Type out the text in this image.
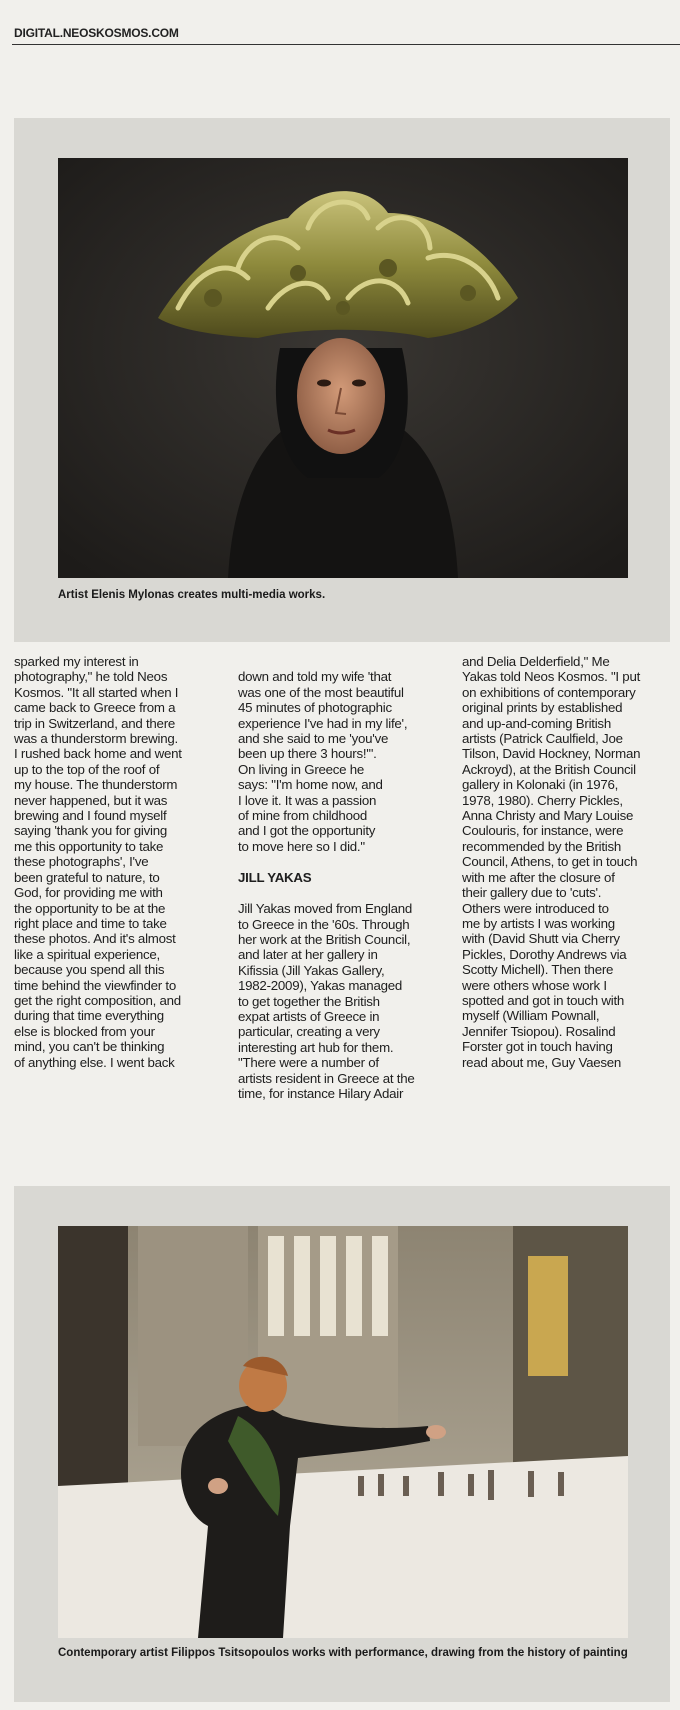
DIGITAL.NEOSKOSMOS.COM
Artist Elenis Mylonas creates multi-media works.
sparked my interest in
photography," he told Neos
Kosmos. "It all started when I
came back to Greece from a
trip in Switzerland, and there
was a thunderstorm brewing.
I rushed back home and went
up to the top of the roof of
my house. The thunderstorm
never happened, but it was
brewing and I found myself
saying 'thank you for giving
me this opportunity to take
these photographs', I've
been grateful to nature, to
God, for providing me with
the opportunity to be at the
right place and time to take
these photos. And it's almost
like a spiritual experience,
because you spend all this
time behind the viewfinder to
get the right composition, and
during that time everything
else is blocked from your
mind, you can't be thinking
of anything else. I went back

down and told my wife 'that
was one of the most beautiful
45 minutes of photographic
experience I've had in my life',
and she said to me 'you've
been up there 3 hours!'".
On living in Greece he
says: "I'm home now, and
I love it. It was a passion
of mine from childhood
and I got the opportunity
to move here so I did."

JILL YAKAS

Jill Yakas moved from England
to Greece in the '60s. Through
her work at the British Council,
and later at her gallery in
Kifissia (Jill Yakas Gallery,
1982-2009), Yakas managed
to get together the British
expat artists of Greece in
particular, creating a very
interesting art hub for them.
"There were a number of
artists resident in Greece at the
time, for instance Hilary Adair

and Delia Delderfield," Me
Yakas told Neos Kosmos. "I put
on exhibitions of contemporary
original prints by established
and up-and-coming British
artists (Patrick Caulfield, Joe
Tilson, David Hockney, Norman
Ackroyd), at the British Council
gallery in Kolonaki (in 1976,
1978, 1980). Cherry Pickles,
Anna Christy and Mary Louise
Coulouris, for instance, were
recommended by the British
Council, Athens, to get in touch
with me after the closure of
their gallery due to 'cuts'.
Others were introduced to
me by artists I was working
with (David Shutt via Cherry
Pickles, Dorothy Andrews via
Scotty Michell). Then there
were others whose work I
spotted and got in touch with
myself (William Pownall,
Jennifer Tsiopou). Rosalind
Forster got in touch having
read about me, Guy Vaesen
Contemporary artist Filippos Tsitsopoulos works with performance, drawing from the history of painting
